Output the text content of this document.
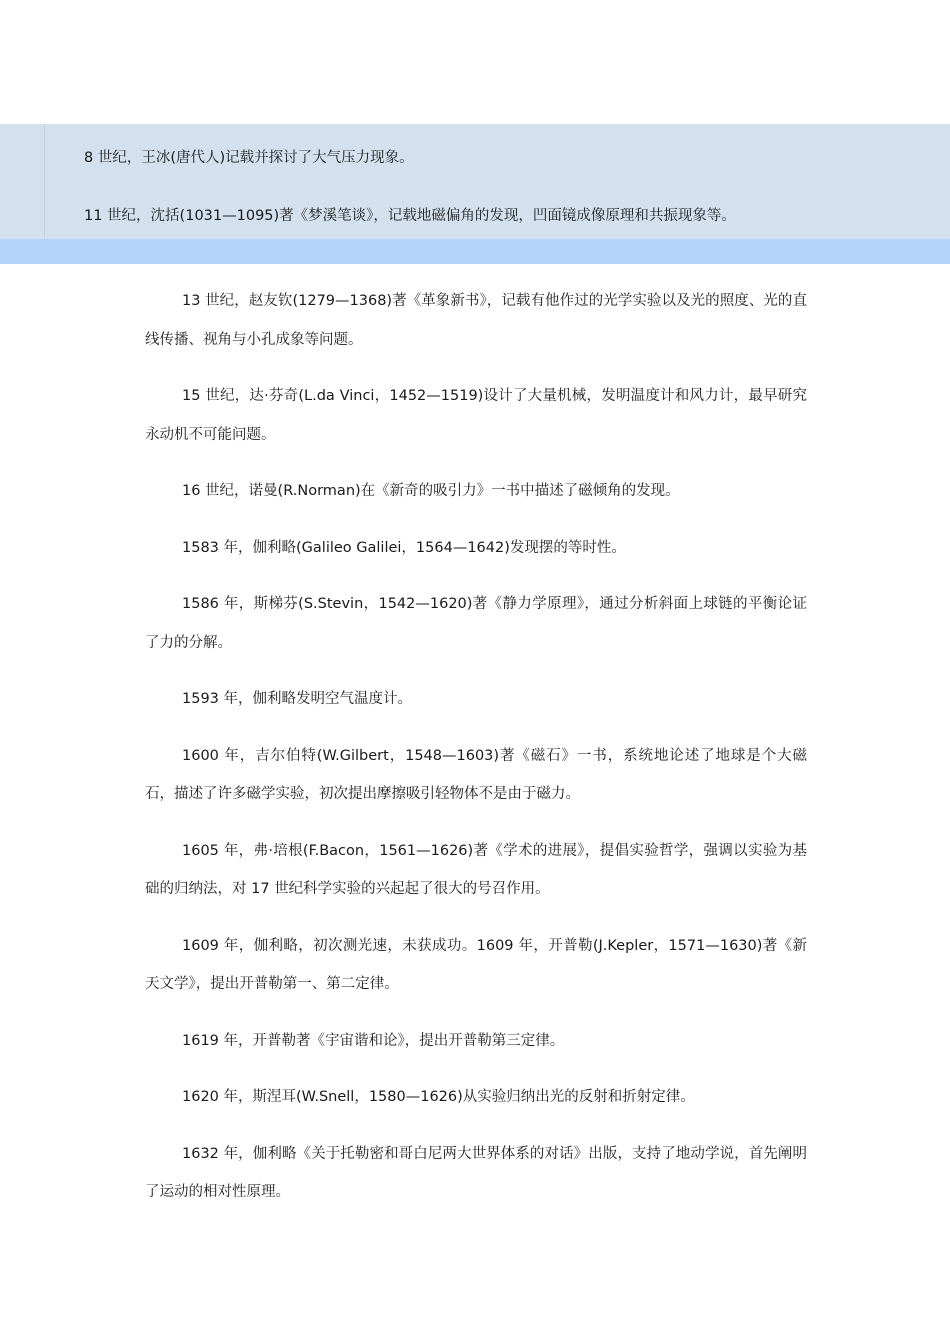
8 世纪，王冰(唐代人)记载并探讨了大气压力现象。

11 世纪，沈括(1031—1095)著《梦溪笔谈》，记载地磁偏角的发现，凹面镜成像原理和共振现象等。

13 世纪，赵友钦(1279—1368)著《革象新书》，记载有他作过的光学实验以及光的照度、光的直线传播、视角与小孔成象等问题。

15 世纪，达·芬奇(L.da Vinci，1452—1519)设计了大量机械，发明温度计和风力计，最早研究永动机不可能问题。

16 世纪，诺曼(R.Norman)在《新奇的吸引力》一书中描述了磁倾角的发现。

1583 年，伽利略(Galileo Galilei，1564—1642)发现摆的等时性。

1586 年，斯梯芬(S.Stevin，1542—1620)著《静力学原理》，通过分析斜面上球链的平衡论证了力的分解。

1593 年，伽利略发明空气温度计。

1600 年，吉尔伯特(W.Gilbert，1548—1603)著《磁石》一书，系统地论述了地球是个大磁石，描述了许多磁学实验，初次提出摩擦吸引轻物体不是由于磁力。

1605 年，弗·培根(F.Bacon，1561—1626)著《学术的进展》，提倡实验哲学，强调以实验为基础的归纳法，对 17 世纪科学实验的兴起起了很大的号召作用。

1609 年，伽利略，初次测光速，未获成功。1609 年，开普勒(J.Kepler，1571—1630)著《新天文学》，提出开普勒第一、第二定律。

1619 年，开普勒著《宇宙谐和论》，提出开普勒第三定律。

1620 年，斯涅耳(W.Snell，1580—1626)从实验归纳出光的反射和折射定律。

1632 年，伽利略《关于托勒密和哥白尼两大世界体系的对话》出版，支持了地动学说，首先阐明了运动的相对性原理。
